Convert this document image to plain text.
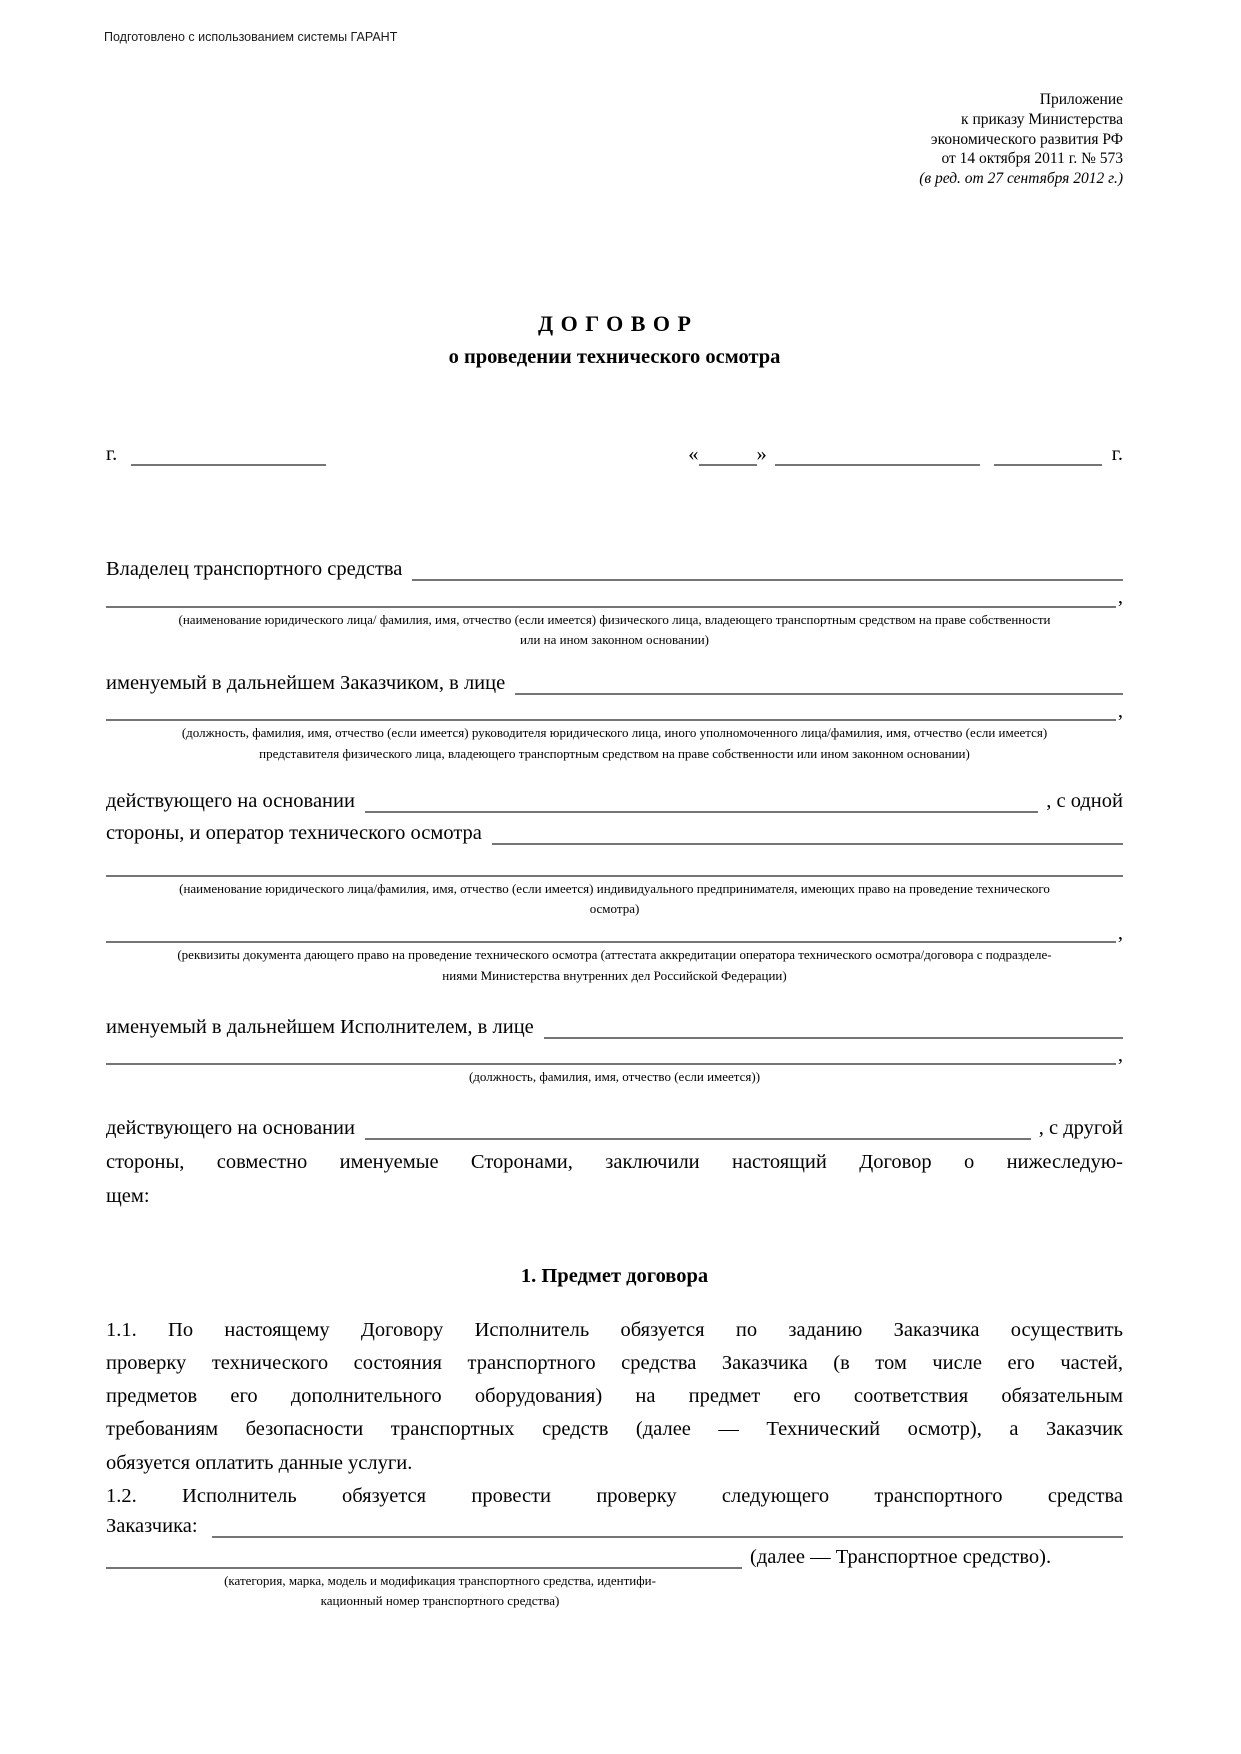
Подготовлено с использованием системы ГАРАНТ
Приложение
к приказу Министерства
экономического развития РФ
от 14 октября 2011 г. № 573
(в ред. от 27 сентября 2012 г.)
ДОГОВОР
о проведении технического осмотра
г.	«	»	г.
Владелец транспортного средства
,
(наименование юридического лица/ фамилия, имя, отчество (если имеется) физического лица, владеющего транспортным средством на праве собственности
или на ином законном основании)
именуемый в дальнейшем Заказчиком, в лице
,
(должность, фамилия, имя, отчество (если имеется) руководителя юридического лица, иного уполномоченного лица/фамилия, имя, отчество (если имеется)
представителя физического лица, владеющего транспортным средством на праве собственности или ином законном основании)
действующего на основании	, с одной
стороны, и оператор технического осмотра
(наименование юридического лица/фамилия, имя, отчество (если имеется) индивидуального предпринимателя, имеющих право на проведение технического
осмотра)
,
(реквизиты документа дающего право на проведение технического осмотра (аттестата аккредитации оператора технического осмотра/договора с подразделе-
ниями Министерства внутренних дел Российской Федерации)
именуемый в дальнейшем Исполнителем, в лице
,
(должность, фамилия, имя, отчество (если имеется))
действующего на основании	, с другой
стороны, совместно именуемые Сторонами, заключили настоящий Договор о нижеследую-
щем:
1. Предмет договора
1.1. По настоящему Договору Исполнитель обязуется по заданию Заказчика осуществить
проверку технического состояния транспортного средства Заказчика (в том числе его частей,
предметов его дополнительного оборудования) на предмет его соответствия обязательным
требованиям безопасности транспортных средств (далее — Технический осмотр), а Заказчик
обязуется оплатить данные услуги.
1.2. Исполнитель обязуется провести проверку следующего транспортного средства
Заказчика:
(далее — Транспортное средство).
(категория, марка, модель и модификация транспортного средства, идентифи-
кационный номер транспортного средства)
